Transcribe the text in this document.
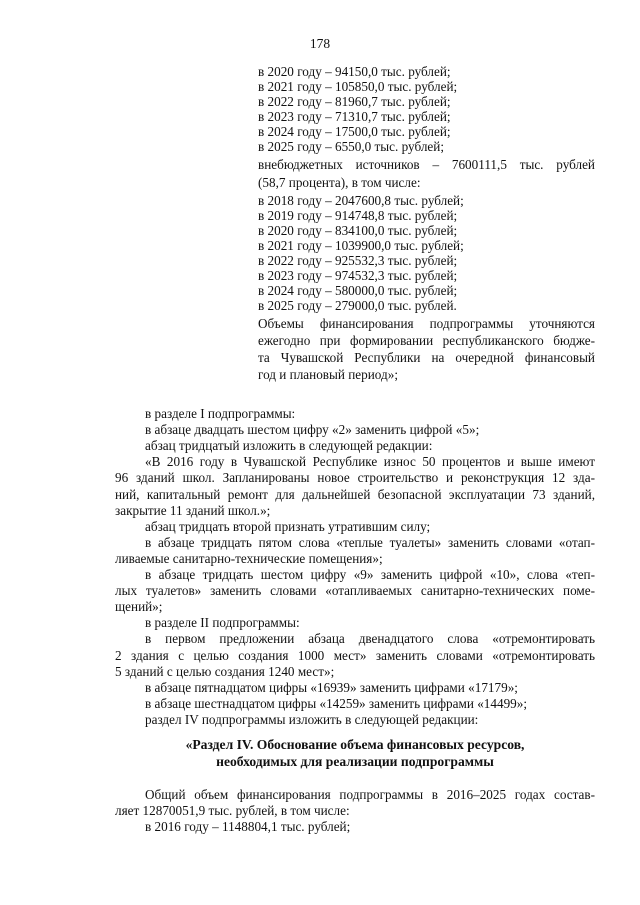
178
в 2020 году – 94150,0 тыс. рублей;
в 2021 году – 105850,0 тыс. рублей;
в 2022 году – 81960,7 тыс. рублей;
в 2023 году – 71310,7 тыс. рублей;
в 2024 году – 17500,0 тыс. рублей;
в 2025 году – 6550,0 тыс. рублей;
внебюджетных источников – 7600111,5 тыс. рублей
(58,7 процента), в том числе:
в 2018 году – 2047600,8 тыс. рублей;
в 2019 году – 914748,8 тыс. рублей;
в 2020 году – 834100,0 тыс. рублей;
в 2021 году – 1039900,0 тыс. рублей;
в 2022 году – 925532,3 тыс. рублей;
в 2023 году – 974532,3 тыс. рублей;
в 2024 году – 580000,0 тыс. рублей;
в 2025 году – 279000,0 тыс. рублей.
Объемы финансирования подпрограммы уточняются
ежегодно при формировании республиканского бюдже-
та Чувашской Республики на очередной финансовый
год и плановый период»;
в разделе I подпрограммы:
в абзаце двадцать шестом цифру «2» заменить цифрой «5»;
абзац тридцатый изложить в следующей редакции:
«В 2016 году в Чувашской Республике износ 50 процентов и выше имеют
96 зданий школ. Запланированы новое строительство и реконструкция 12 зда-
ний, капитальный ремонт для дальнейшей безопасной эксплуатации 73 зданий,
закрытие 11 зданий школ.»;
абзац тридцать второй признать утратившим силу;
в абзаце тридцать пятом слова «теплые туалеты» заменить словами «отап-
ливаемые санитарно-технические помещения»;
в абзаце тридцать шестом цифру «9» заменить цифрой «10», слова «теп-
лых туалетов» заменить словами «отапливаемых санитарно-технических поме-
щений»;
в разделе II подпрограммы:
в первом предложении абзаца двенадцатого слова «отремонтировать
2 здания с целью создания 1000 мест» заменить словами «отремонтировать
5 зданий с целью создания 1240 мест»;
в абзаце пятнадцатом цифры «16939» заменить цифрами «17179»;
в абзаце шестнадцатом цифры «14259» заменить цифрами «14499»;
раздел IV подпрограммы изложить в следующей редакции:
«Раздел IV. Обоснование объема финансовых ресурсов,
необходимых для реализации подпрограммы
Общий объем финансирования подпрограммы в 2016–2025 годах состав-
ляет 12870051,9 тыс. рублей, в том числе:
в 2016 году – 1148804,1 тыс. рублей;
